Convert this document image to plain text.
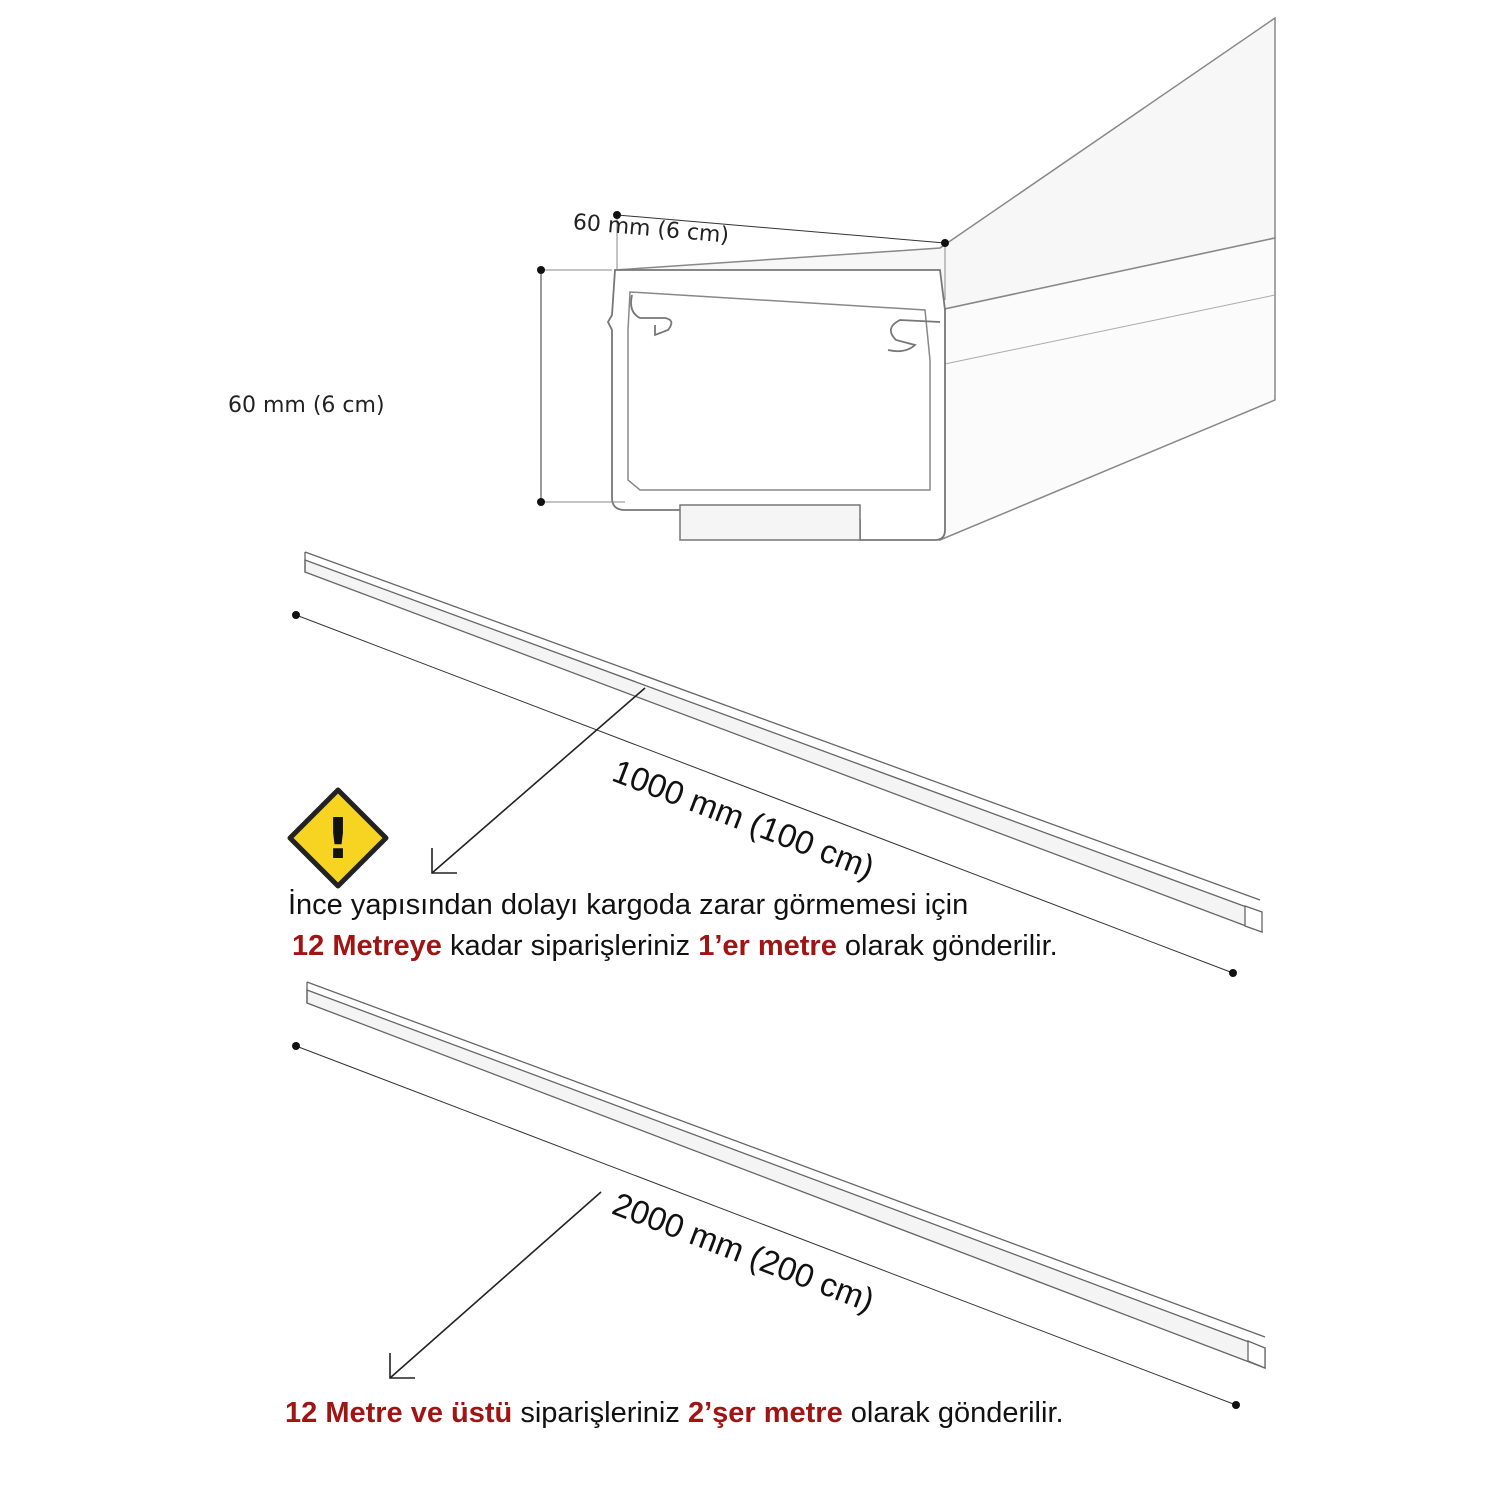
!
60 mm (6 cm)
60 mm (6 cm)
1000 mm (100 cm)
2000 mm (200 cm)
İnce yapısından dolayı kargoda zarar görmemesi için
12 Metreye kadar siparişleriniz 1’er metre olarak gönderilir.
12 Metre ve üstü siparişleriniz 2’şer metre olarak gönderilir.
